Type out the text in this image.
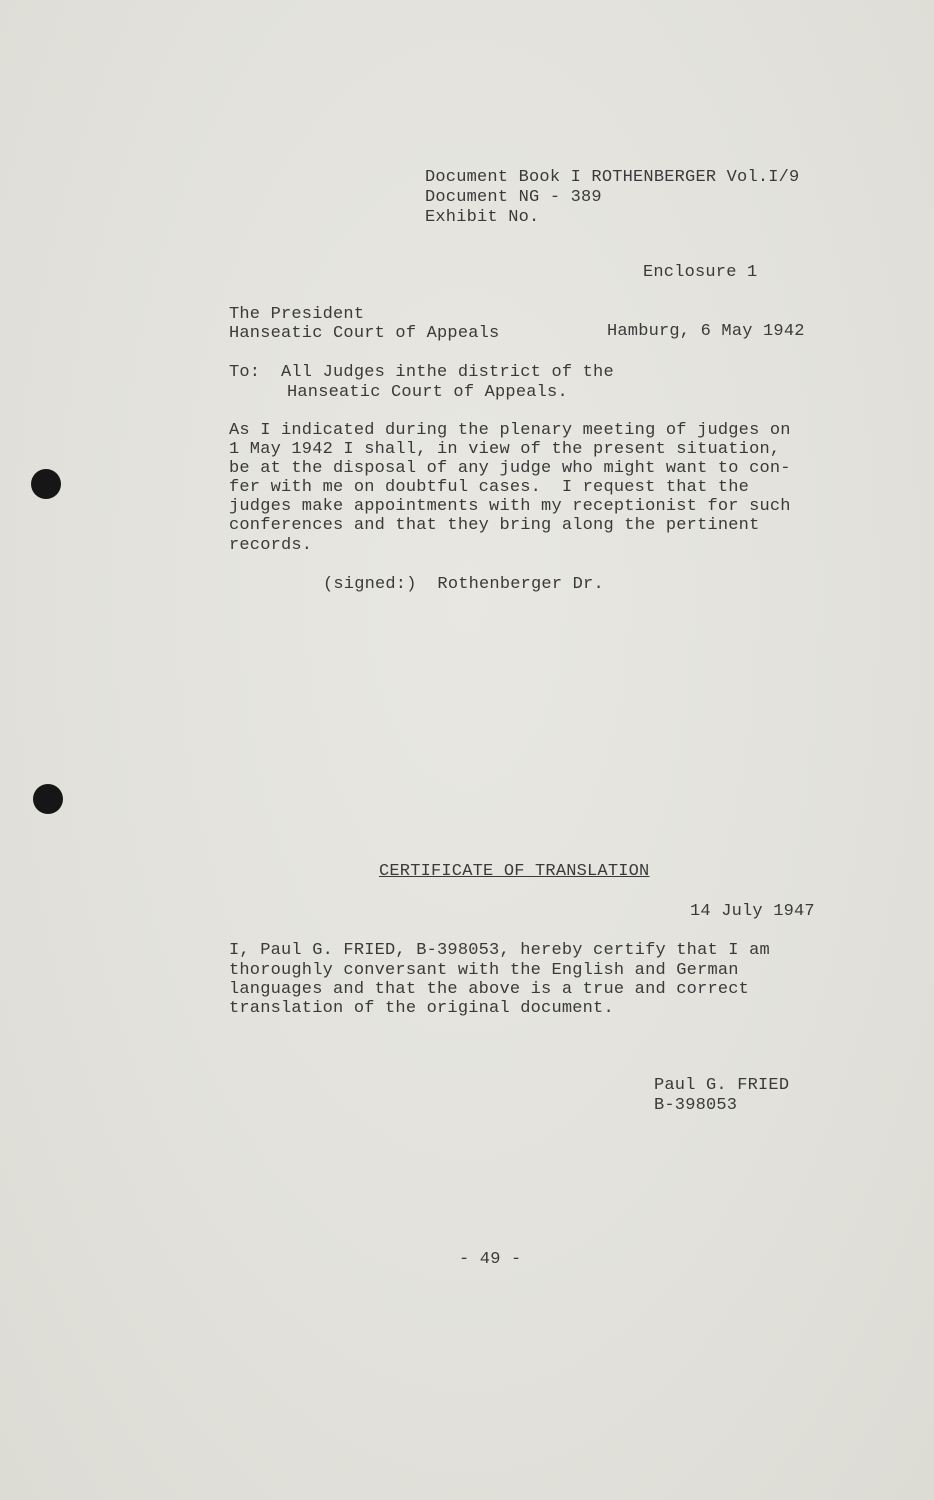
Document Book I ROTHENBERGER Vol.I/9
Document NG - 389
Exhibit No.
Enclosure 1
The President
Hanseatic Court of Appeals	Hamburg, 6 May 1942
To:  All Judges inthe district of the
Hanseatic Court of Appeals.
As I indicated during the plenary meeting of judges on
1 May 1942 I shall, in view of the present situation,
be at the disposal of any judge who might want to con-
fer with me on doubtful cases.  I request that the
judges make appointments with my receptionist for such
conferences and that they bring along the pertinent
records.
(signed:)  Rothenberger Dr.
CERTIFICATE OF TRANSLATION
14 July 1947
I, Paul G. FRIED, B-398053, hereby certify that I am
thoroughly conversant with the English and German
languages and that the above is a true and correct
translation of the original document.
Paul G. FRIED
B-398053
- 49 -
